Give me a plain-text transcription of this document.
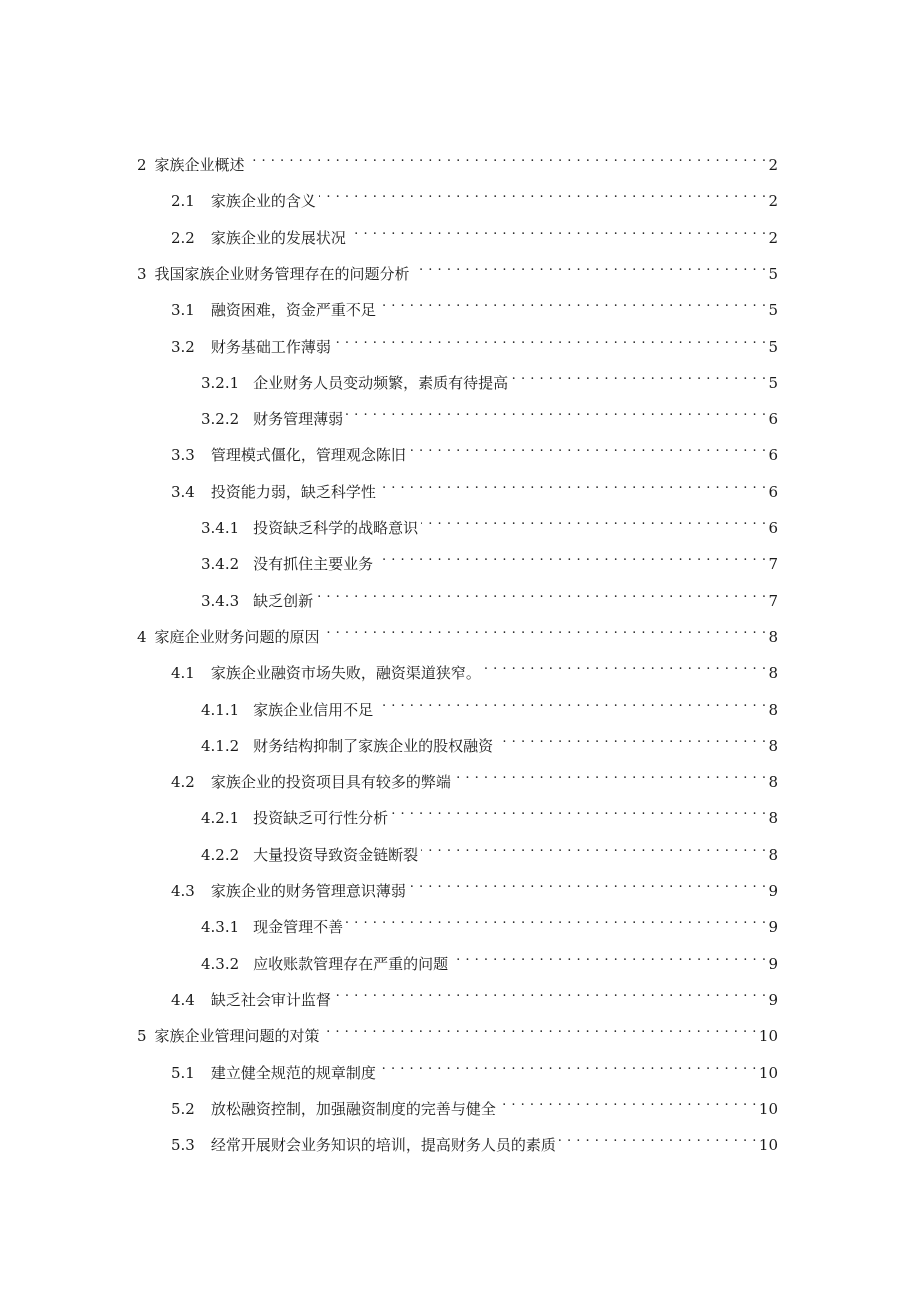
2 家族企业概述 . . .	2
2.1 家族企业的含义 . . .	2
2.2 家族企业的发展状况 . . .	2
3 我国家族企业财务管理存在的问题分析 . . .	5
3.1 融资困难，资金严重不足 . . .	5
3.2 财务基础工作薄弱 . . .	5
3.2.1 企业财务人员变动频繁，素质有待提高 . . .	5
3.2.2 财务管理薄弱 . . .	6
3.3 管理模式僵化，管理观念陈旧 . . .	6
3.4 投资能力弱，缺乏科学性 . . .	6
3.4.1 投资缺乏科学的战略意识 . . .	6
3.4.2 没有抓住主要业务 . . .	7
3.4.3 缺乏创新 . . .	7
4 家庭企业财务问题的原因 . . .	8
4.1 家族企业融资市场失败，融资渠道狭窄。 . . .	8
4.1.1 家族企业信用不足 . . .	8
4.1.2 财务结构抑制了家族企业的股权融资 . . .	8
4.2 家族企业的投资项目具有较多的弊端 . . .	8
4.2.1 投资缺乏可行性分析 . . .	8
4.2.2 大量投资导致资金链断裂 . . .	8
4.3 家族企业的财务管理意识薄弱 . . .	9
4.3.1 现金管理不善 . . .	9
4.3.2 应收账款管理存在严重的问题 . . .	9
4.4 缺乏社会审计监督 . . .	9
5 家族企业管理问题的对策 . . .	10
5.1 建立健全规范的规章制度 . . .	10
5.2 放松融资控制，加强融资制度的完善与健全 . . .	10
5.3 经常开展财会业务知识的培训，提高财务人员的素质 . . .	10
